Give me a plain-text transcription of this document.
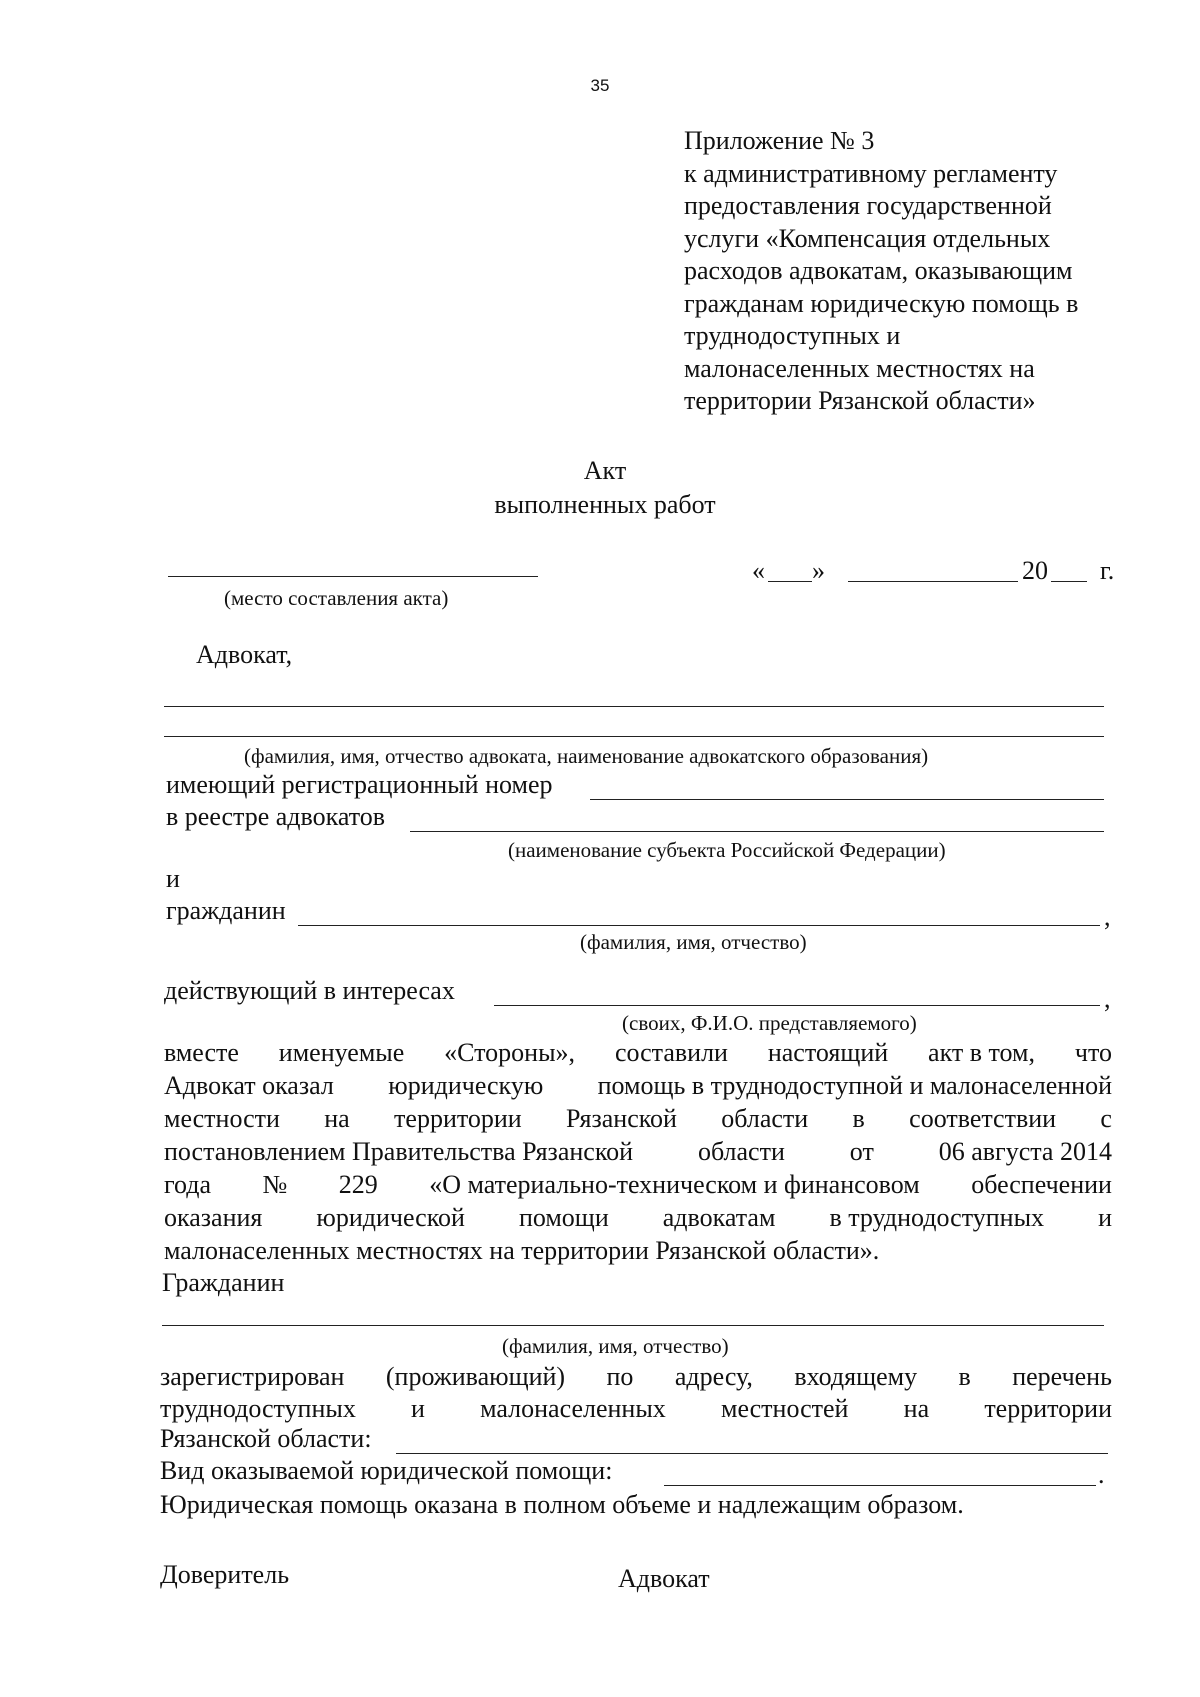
35
Приложение № 3
к административному регламенту
предоставления государственной
услуги «Компенсация отдельных
расходов адвокатам, оказывающим
гражданам юридическую помощь в
труднодоступных и
малонаселенных местностях на
территории Рязанской области»
Акт
выполненных работ
(место составления акта)
« »	20 г.
Адвокат,
(фамилия, имя, отчество адвоката, наименование адвокатского образования)
имеющий регистрационный номер
в реестре адвокатов
(наименование субъекта Российской Федерации)
и
гражданин	,
(фамилия, имя, отчество)
действующий в интересах	,
(своих, Ф.И.О. представляемого)
вместе именуемые «Стороны», составили настоящий акт в том, что
Адвокат оказал юридическую помощь в труднодоступной и малонаселенной
местности на территории Рязанской области в соответствии с
постановлением Правительства Рязанской области от 06 августа 2014
года № 229 «О материально-техническом и финансовом обеспечении
оказания юридической помощи адвокатам в труднодоступных и
малонаселенных местностях на территории Рязанской области».
Гражданин
(фамилия, имя, отчество)
зарегистрирован (проживающий) по адресу, входящему в перечень
труднодоступных и малонаселенных местностей на территории
Рязанской области:
Вид оказываемой юридической помощи:	.
Юридическая помощь оказана в полном объеме и надлежащим образом.
Доверитель	Адвокат
